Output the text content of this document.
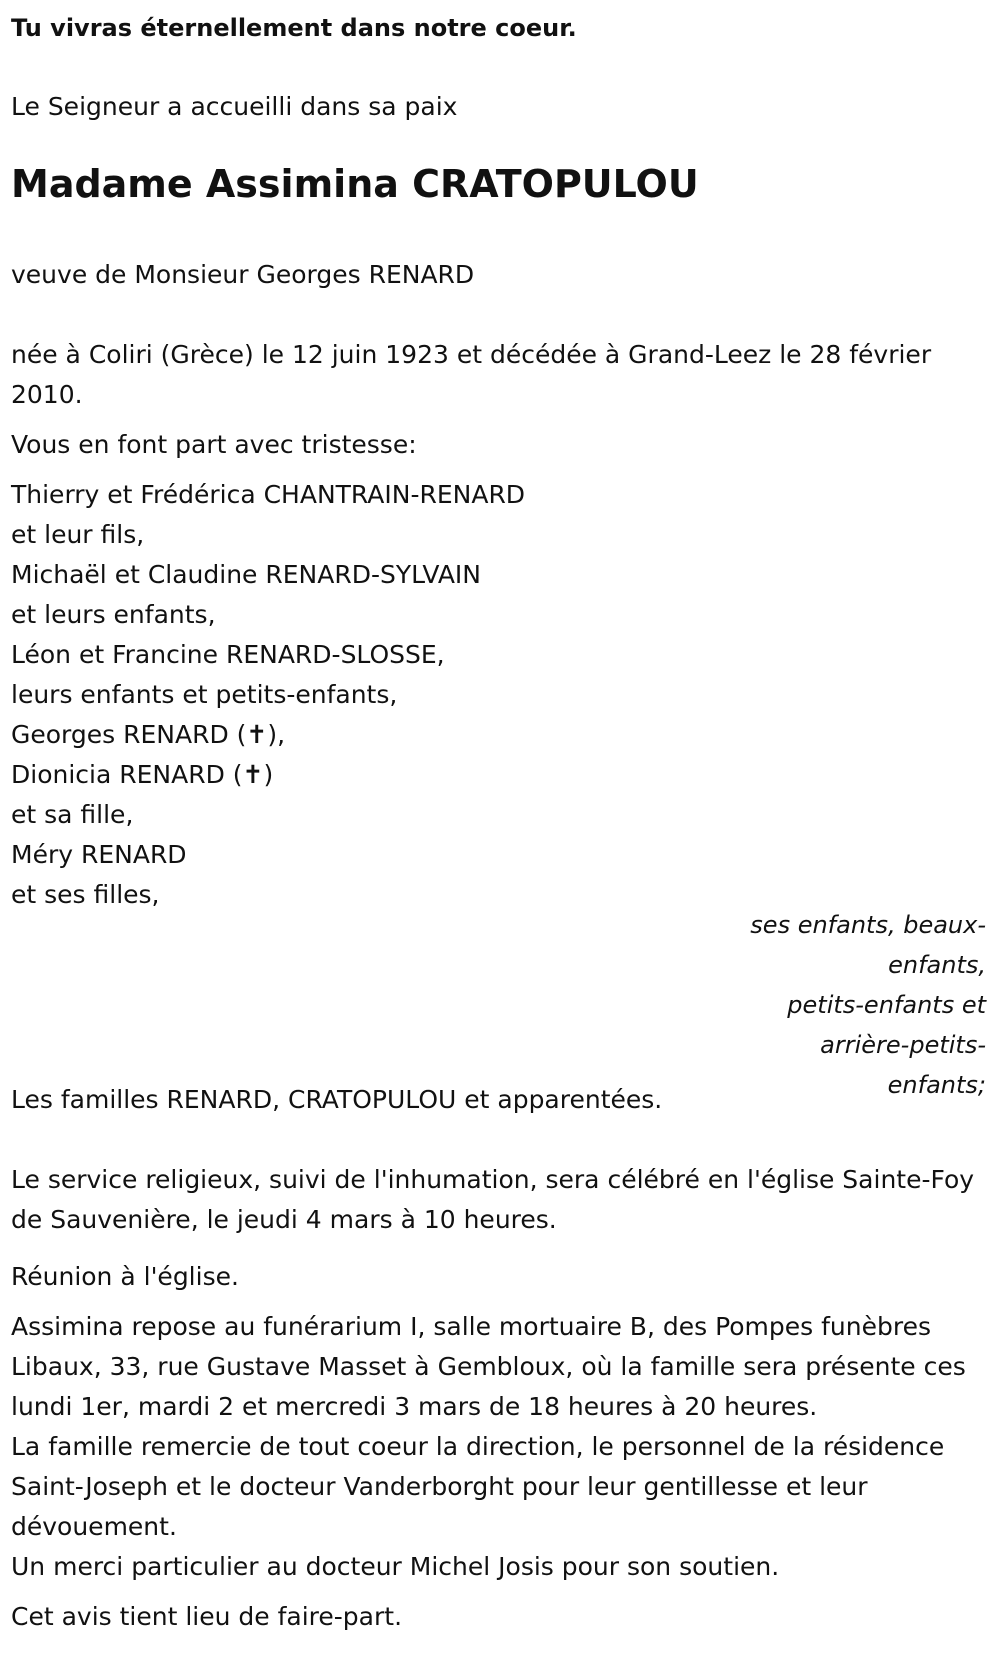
Tu vivras éternellement dans notre coeur.
Le Seigneur a accueilli dans sa paix
Madame Assimina CRATOPULOU
veuve de Monsieur Georges RENARD
née à Coliri (Grèce) le 12 juin 1923 et décédée à Grand-Leez le 28 février 2010.
Vous en font part avec tristesse:
Thierry et Frédérica CHANTRAIN-RENARD
et leur fils,
Michaël et Claudine RENARD-SYLVAIN
et leurs enfants,
Léon et Francine RENARD-SLOSSE,
leurs enfants et petits-enfants,
Georges RENARD (✝),
Dionicia RENARD (✝)
et sa fille,
Méry RENARD
et ses filles,
ses enfants, beaux-
enfants,
petits-enfants et
arrière-petits-
enfants;
Les familles RENARD, CRATOPULOU et apparentées.

Le service religieux, suivi de l'inhumation, sera célébré en l'église Sainte-Foy de Sauvenière, le jeudi 4 mars à 10 heures.

Réunion à l'église.

Assimina repose au funérarium I, salle mortuaire B, des Pompes funèbres Libaux, 33, rue Gustave Masset à Gembloux, où la famille sera présente ces lundi 1er, mardi 2 et mercredi 3 mars de 18 heures à 20 heures.

La famille remercie de tout coeur la direction, le personnel de la résidence Saint-Joseph et le docteur Vanderborght pour leur gentillesse et leur dévouement.

Un merci particulier au docteur Michel Josis pour son soutien.

Cet avis tient lieu de faire-part.
